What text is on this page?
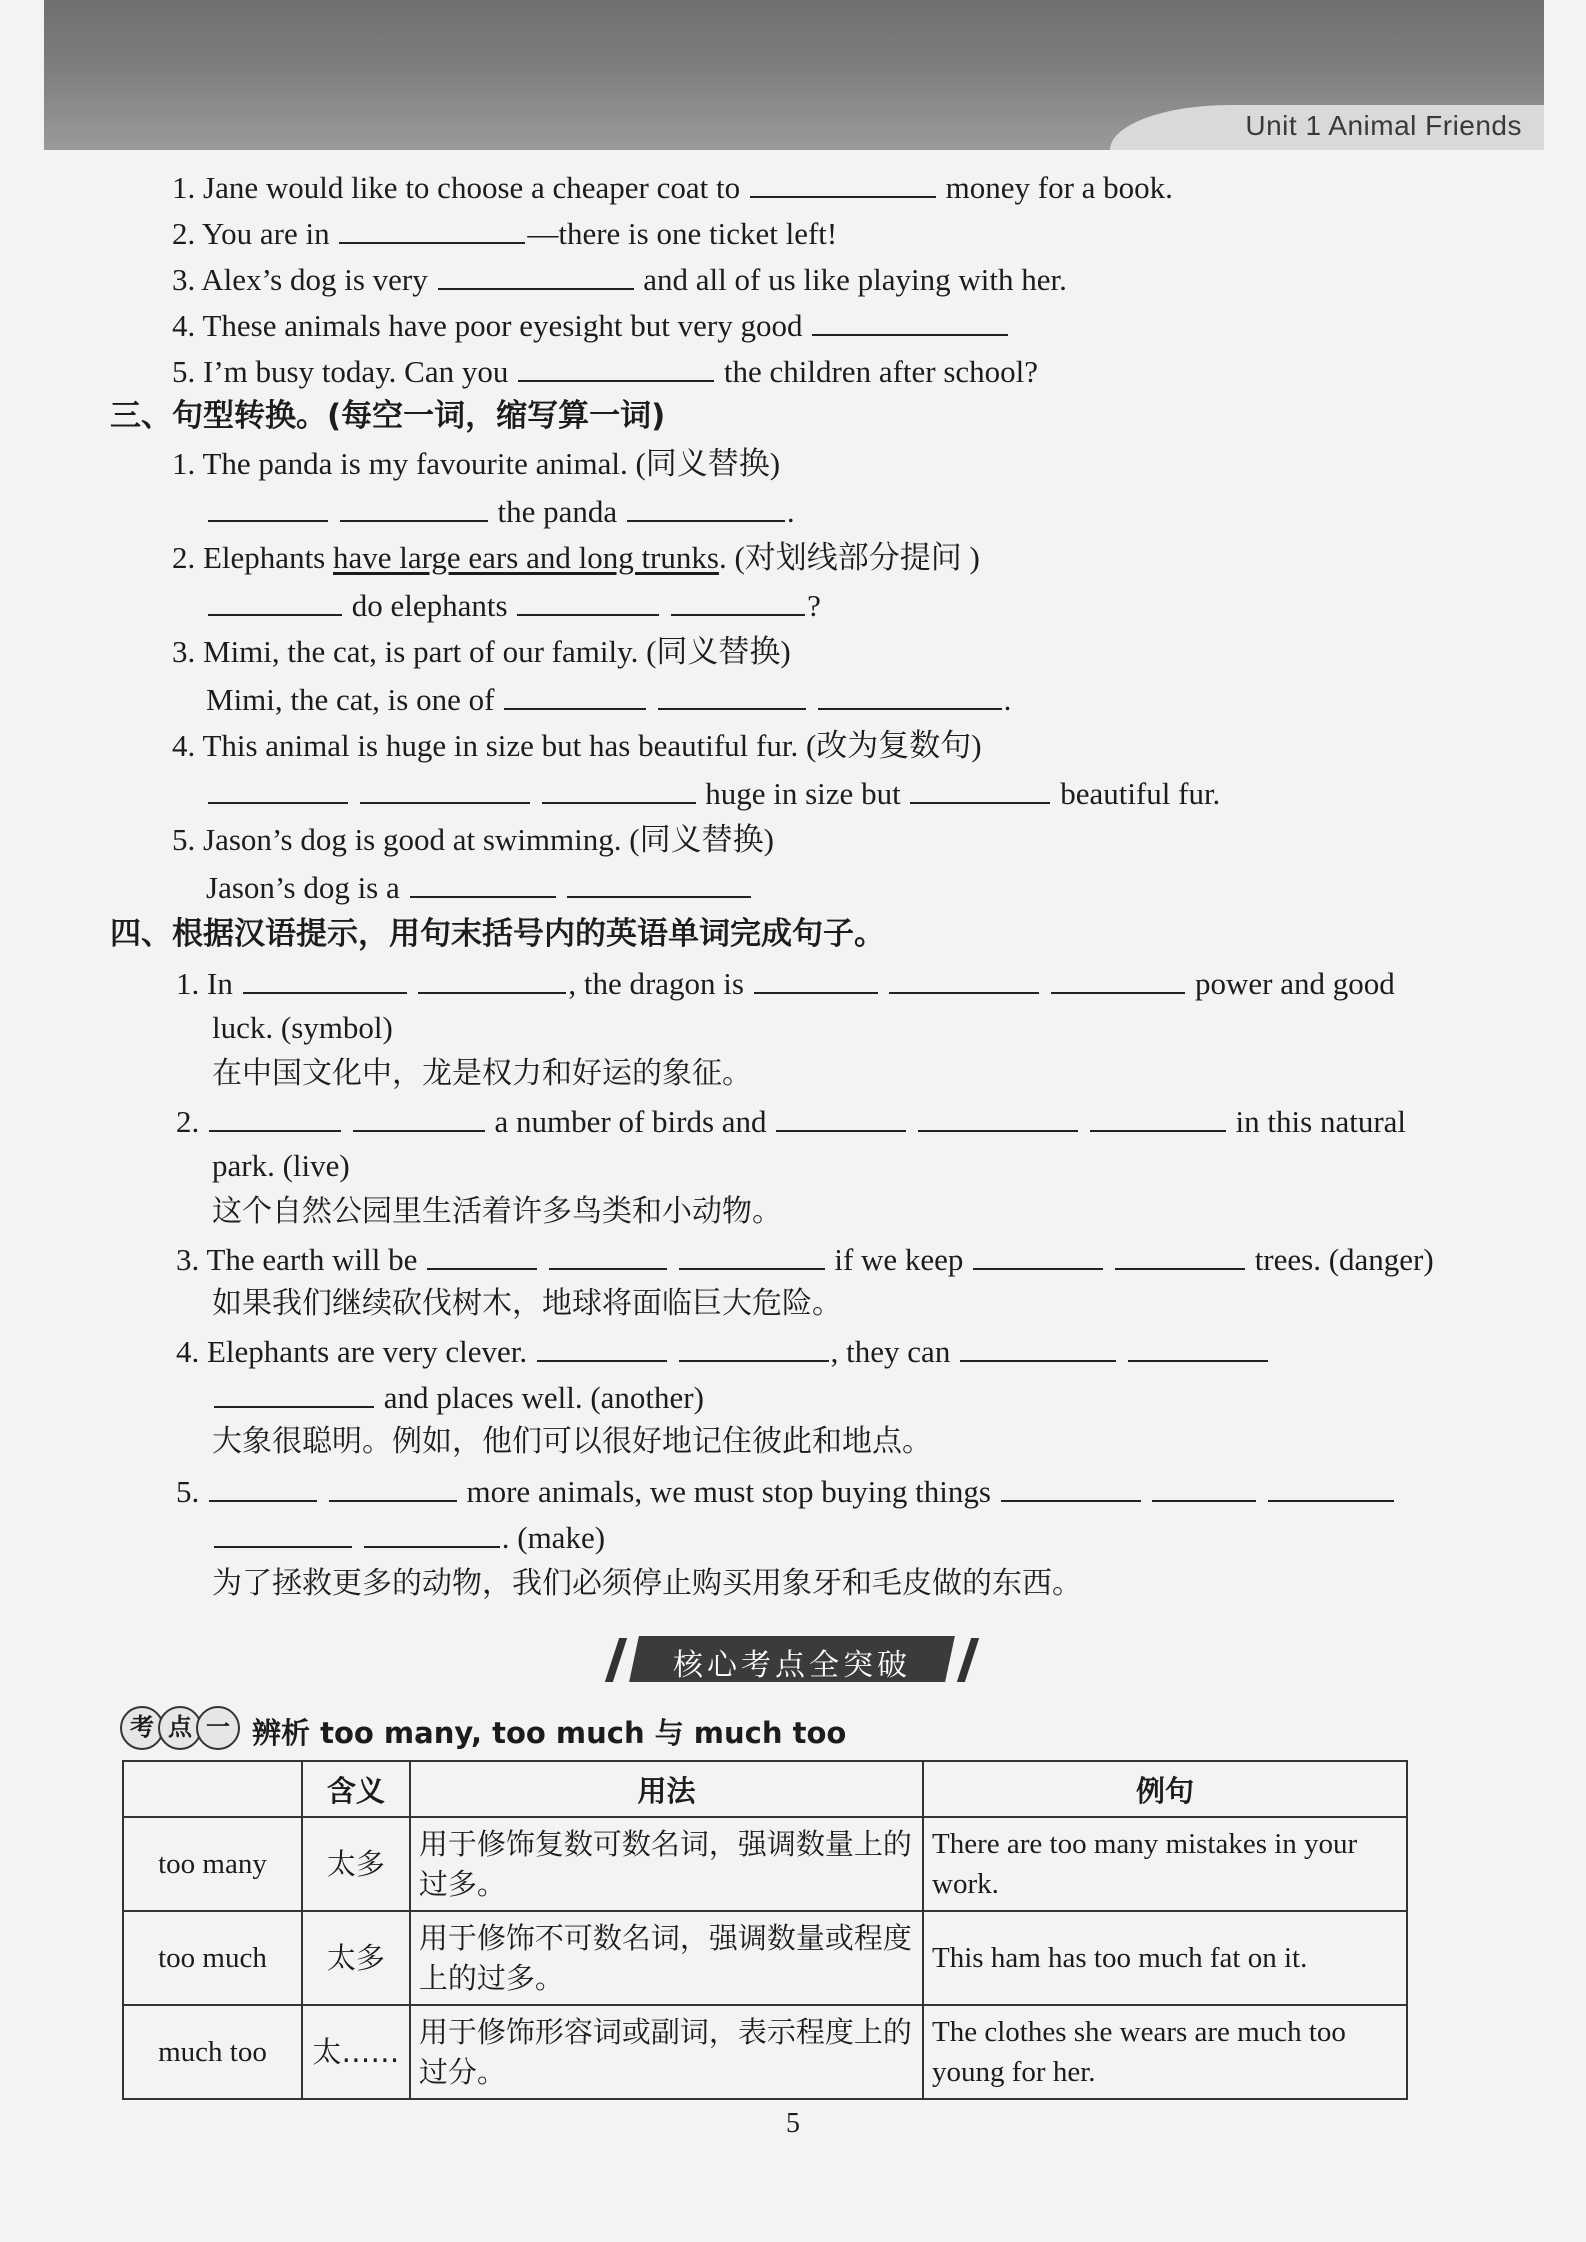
Unit 1 Animal Friends
1. Jane would like to choose a cheaper coat to	money for a book.
2. You are in	—there is one ticket left!
3. Alex’s dog is very	and all of us like playing with her.
4. These animals have poor eyesight but very good
5. I’m busy today. Can you	the children after school?
三、句型转换。(每空一词，缩写算一词)
1. The panda is my favourite animal. (同义替换)
the panda	.
2. Elephants have large ears and long trunks. (对划线部分提问 )
do elephants	?
3. Mimi, the cat, is part of our family. (同义替换)
Mimi, the cat, is one of	.
4. This animal is huge in size but has beautiful fur. (改为复数句)
huge in size but	beautiful fur.
5. Jason’s dog is good at swimming. (同义替换)
Jason’s dog is a
四、根据汉语提示，用句末括号内的英语单词完成句子。
1. In	, the dragon is	power and good
luck. (symbol)
在中国文化中，龙是权力和好运的象征。
2.	a number of birds and	in this natural
park. (live)
这个自然公园里生活着许多鸟类和小动物。
3. The earth will be	if we keep	trees. (danger)
如果我们继续砍伐树木，地球将面临巨大危险。
4. Elephants are very clever.	, they can
and places well. (another)
大象很聪明。例如，他们可以很好地记住彼此和地点。
5.	more animals, we must stop buying things
. (make)
为了拯救更多的动物，我们必须停止购买用象牙和毛皮做的东西。
核心考点全突破
考 点 一 辨析 too many, too much 与 much too
	含义	用法	例句
too many	太多	用于修饰复数可数名词，强调数量上的过多。	There are too many mistakes in your work.
too much	太多	用于修饰不可数名词，强调数量或程度上的过多。	This ham has too much fat on it.
much too	太……	用于修饰形容词或副词，表示程度上的过分。	The clothes she wears are much too young for her.
5
